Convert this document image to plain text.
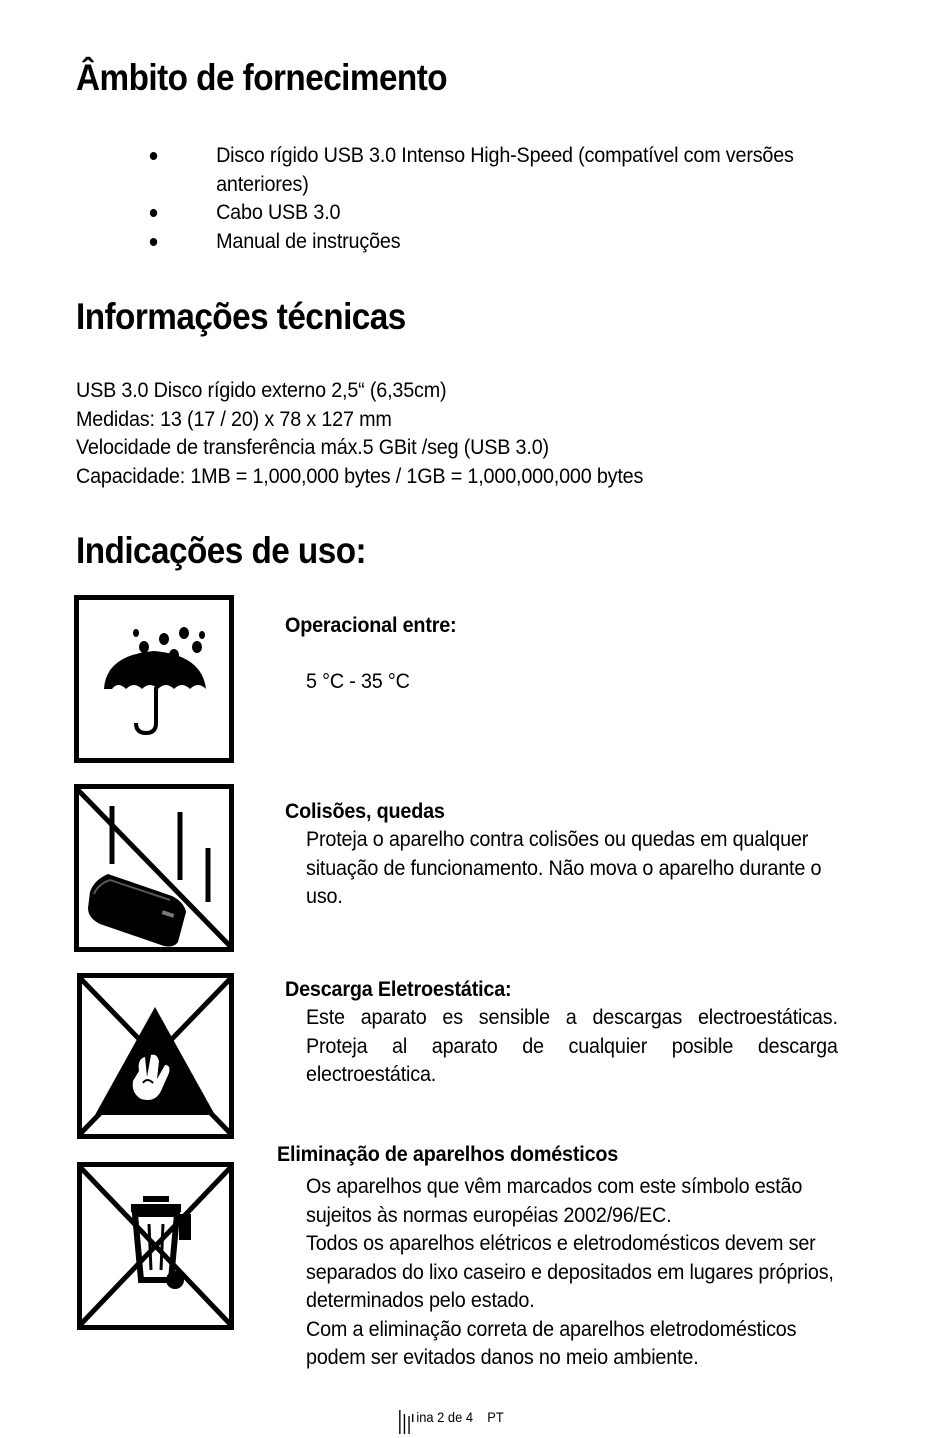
Âmbito de fornecimento
Disco rígido USB 3.0 Intenso High-Speed (compatível com versões anteriores)
Cabo USB 3.0
Manual de instruções
Informações técnicas
USB 3.0 Disco rígido externo 2,5“ (6,35cm)
Medidas: 13 (17 / 20) x 78 x 127 mm
Velocidade de transferência máx.5 GBit /seg (USB 3.0)
Capacidade: 1MB = 1,000,000 bytes / 1GB = 1,000,000,000 bytes
Indicações de uso:
Operacional entre:
5 °C - 35 °C
Colisões, quedas
Proteja o aparelho contra colisões ou quedas em qualquer situação de funcionamento. Não mova o aparelho durante o uso.
Descarga Eletroestática:
Este aparato es sensible a descargas electroestáticas. Proteja al aparato de cualquier posible descarga electroestática.
Eliminação de aparelhos domésticos
Os aparelhos que vêm marcados com este símbolo estão sujeitos às normas européias 2002/96/EC.
Todos os aparelhos elétricos e eletrodomésticos devem ser separados do lixo caseiro e depositados em lugares próprios, determinados pelo estado.
Com a eliminação correta de aparelhos eletrodomésticos podem ser evitados danos no meio ambiente.
ina 2 de 4 PT
